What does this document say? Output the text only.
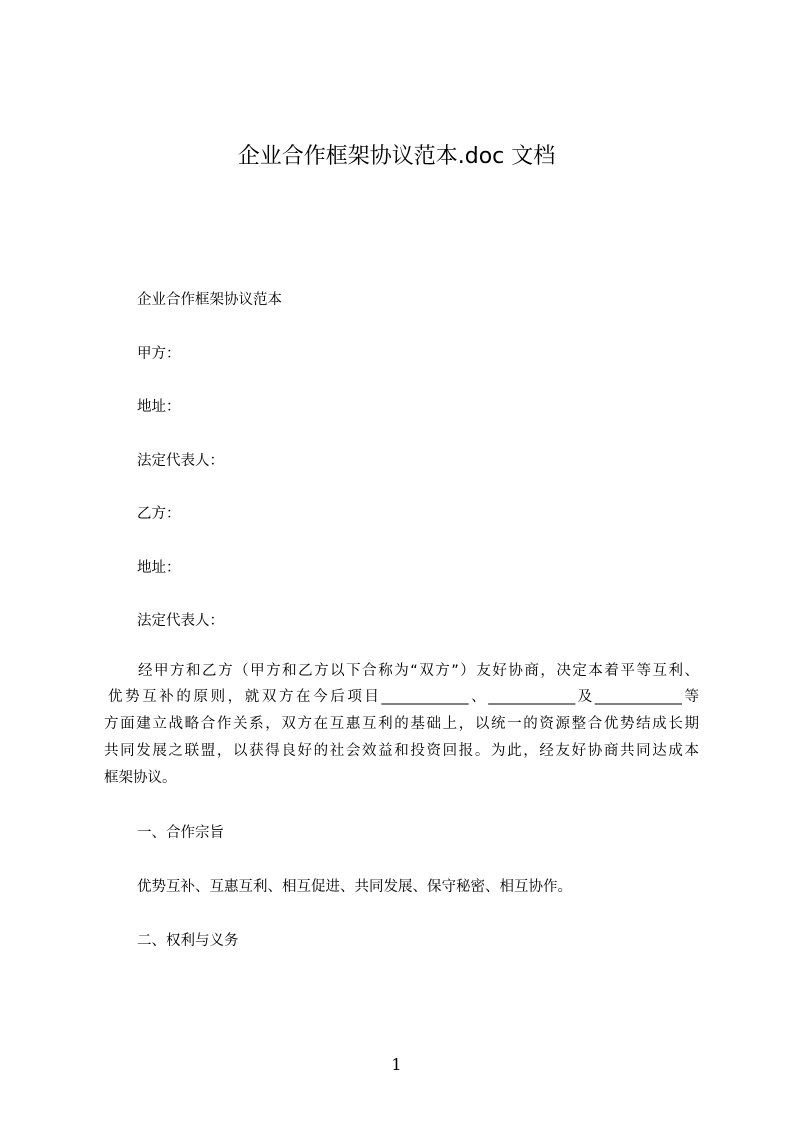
企业合作框架协议范本.doc 文档

企业合作框架协议范本

甲方：

地址：

法定代表人：

乙方：

地址：

法定代表人：

经甲方和乙方（甲方和乙方以下合称为“双方”）友好协商，决定本着平等互利、
优势互补的原则，就双方在今后项目____________、____________及____________等
方面建立战略合作关系，双方在互惠互利的基础上，以统一的资源整合优势结成长期
共同发展之联盟，以获得良好的社会效益和投资回报。为此，经友好协商共同达成本
框架协议。

一、合作宗旨

优势互补、互惠互利、相互促进、共同发展、保守秘密、相互协作。

二、权利与义务

1
